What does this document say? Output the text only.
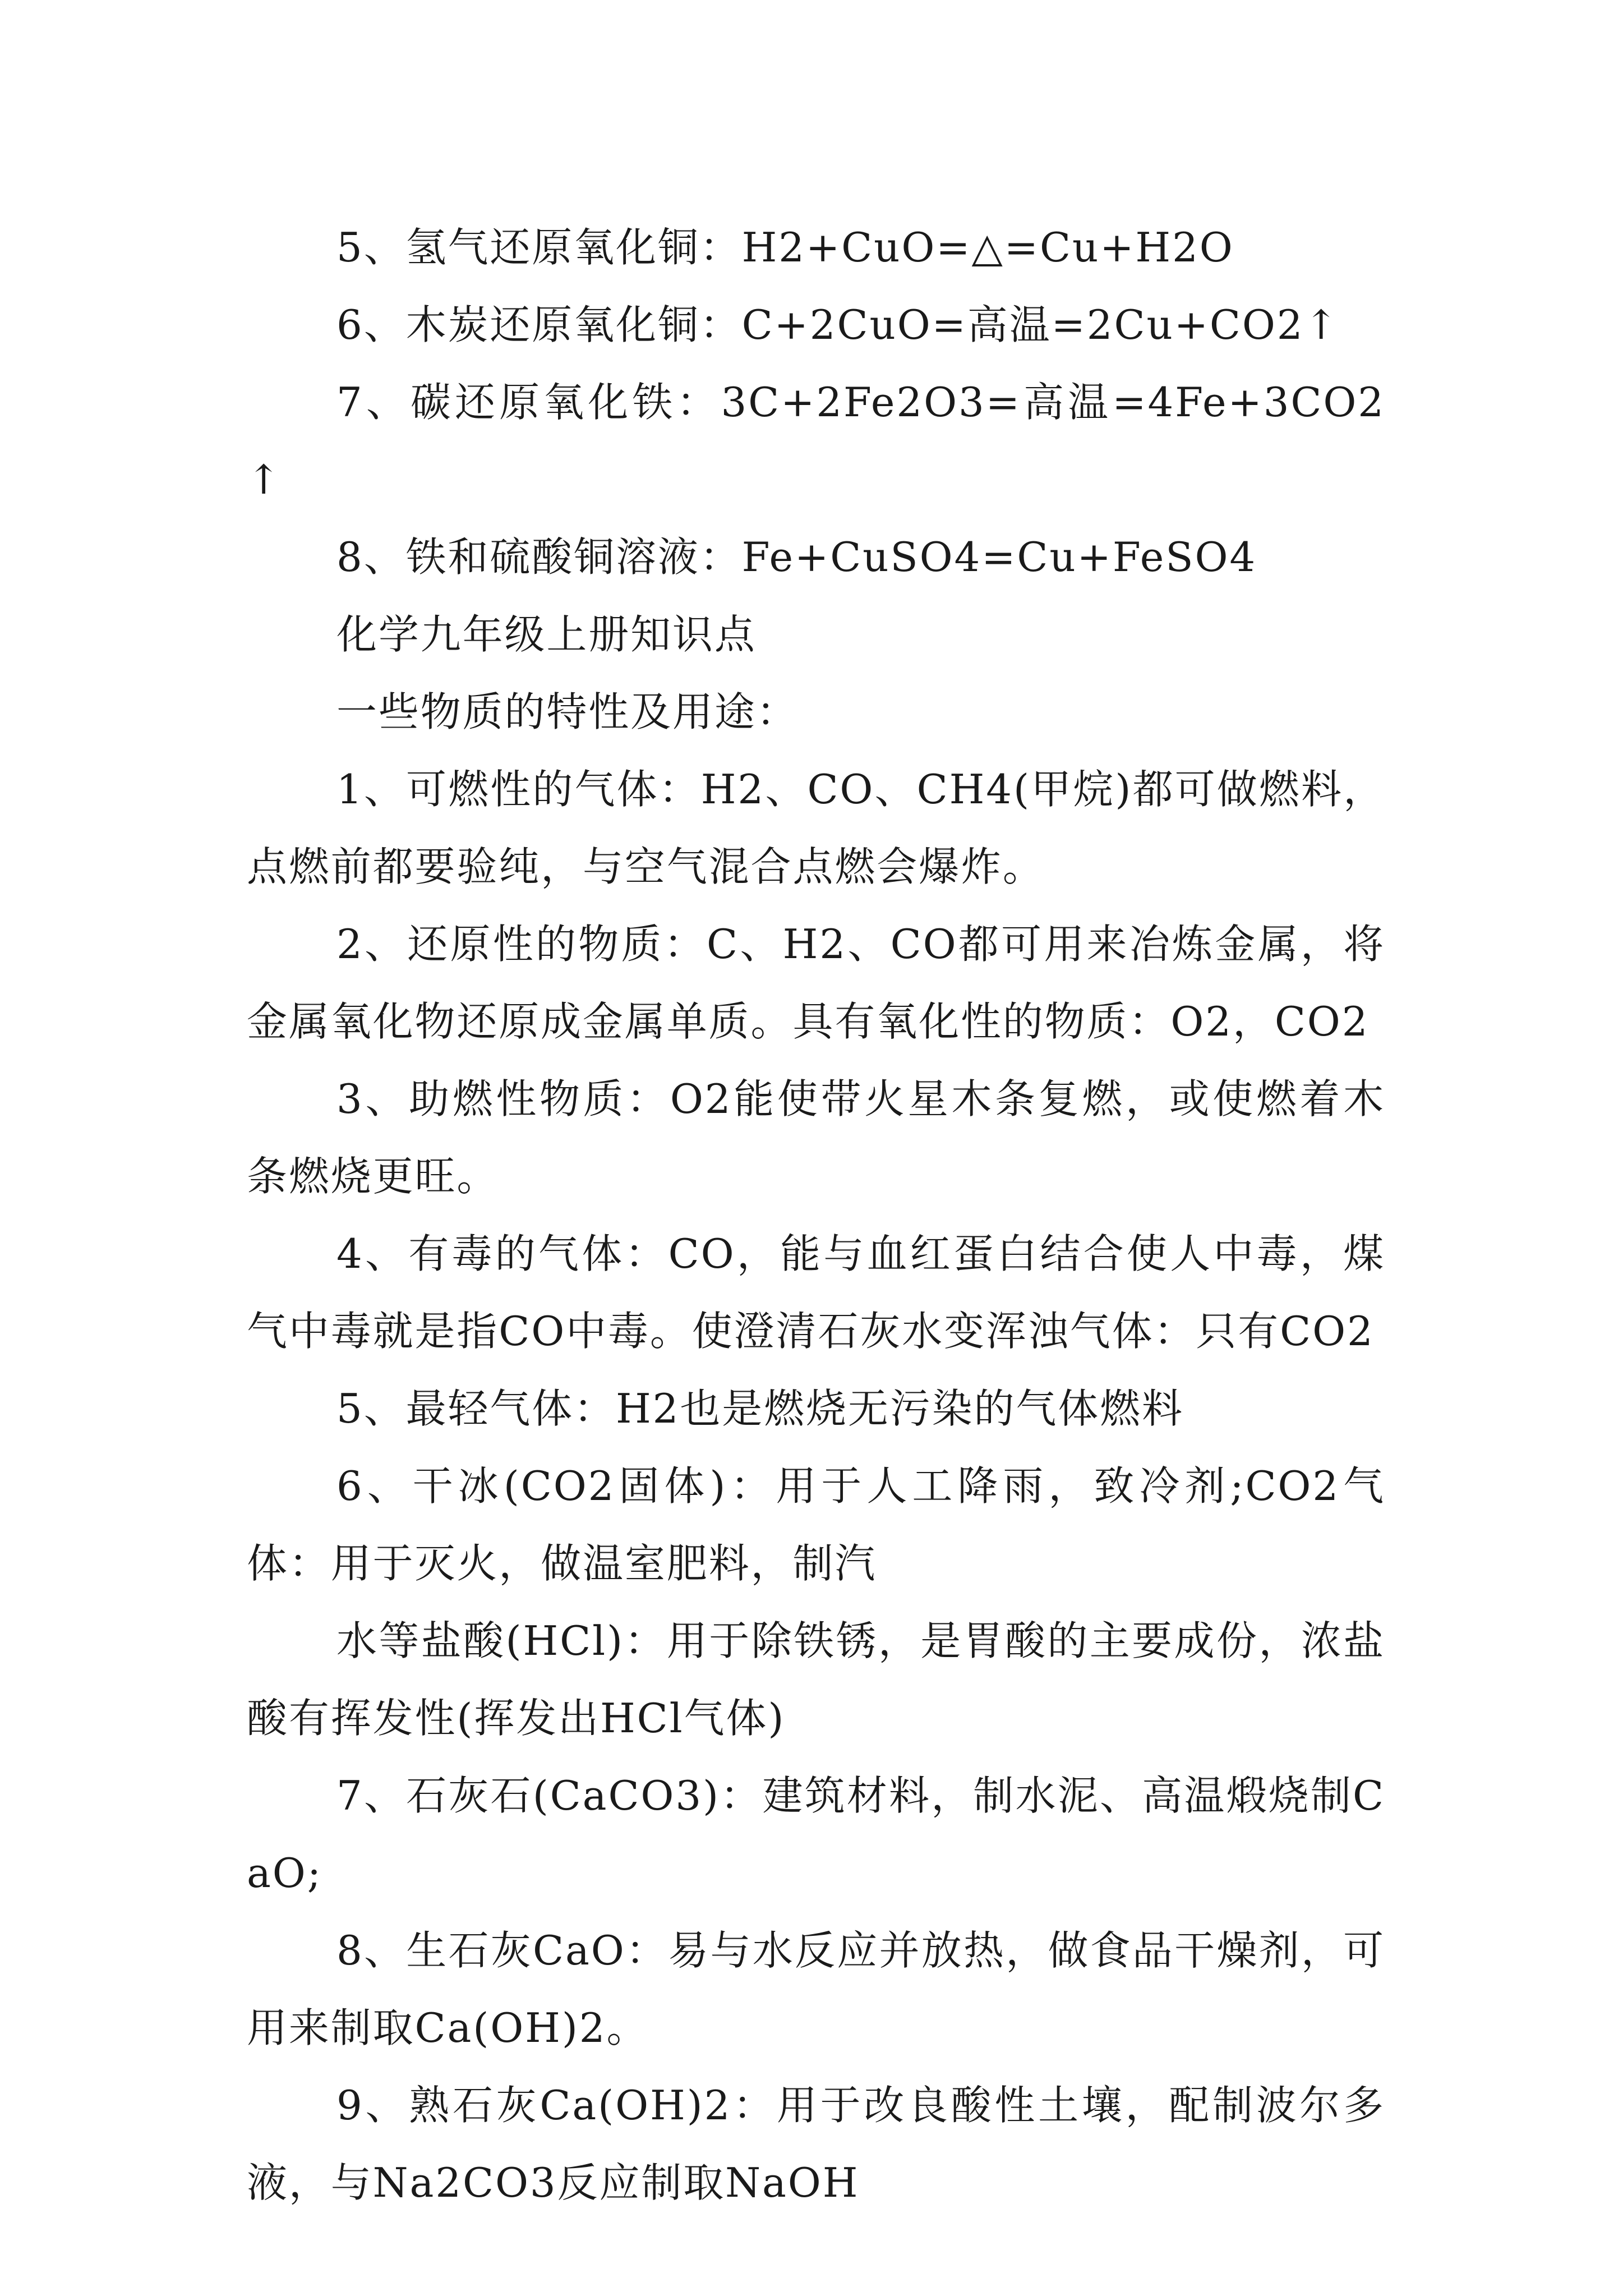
5、氢气还原氧化铜：H2+CuO=△=Cu+H2O

6、木炭还原氧化铜：C+2CuO=高温=2Cu+CO2↑

7、碳还原氧化铁：3C+2Fe2O3=高温=4Fe+3CO2↑

8、铁和硫酸铜溶液：Fe+CuSO4=Cu+FeSO4

化学九年级上册知识点

一些物质的特性及用途：

1、可燃性的气体：H2、CO、CH4(甲烷)都可做燃料，点燃前都要验纯，与空气混合点燃会爆炸。

2、还原性的物质：C、H2、CO都可用来冶炼金属，将金属氧化物还原成金属单质。具有氧化性的物质：O2，CO2

3、助燃性物质：O2能使带火星木条复燃，或使燃着木条燃烧更旺。

4、有毒的气体：CO，能与血红蛋白结合使人中毒，煤气中毒就是指CO中毒。使澄清石灰水变浑浊气体：只有CO2

5、最轻气体：H2也是燃烧无污染的气体燃料

6、干冰(CO2固体)：用于人工降雨，致冷剂;CO2气体：用于灭火，做温室肥料，制汽

水等盐酸(HCl)：用于除铁锈，是胃酸的主要成份，浓盐酸有挥发性(挥发出HCl气体)

7、石灰石(CaCO3)：建筑材料，制水泥、高温煅烧制CaO;

8、生石灰CaO：易与水反应并放热，做食品干燥剂，可用来制取Ca(OH)2。

9、熟石灰Ca(OH)2：用于改良酸性土壤，配制波尔多液，与Na2CO3反应制取NaOH
